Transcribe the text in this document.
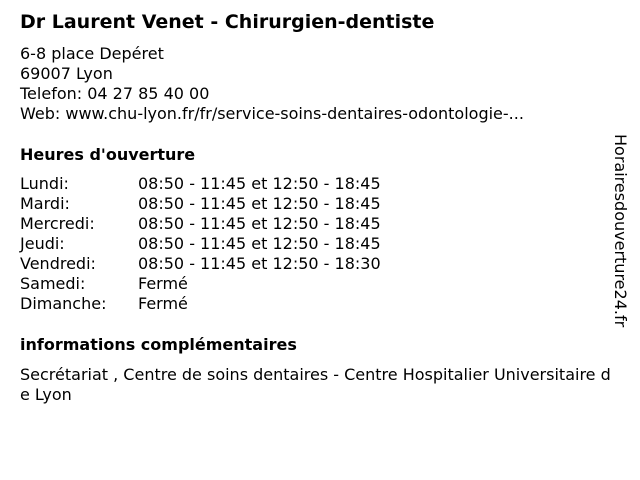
Dr Laurent Venet - Chirurgien-dentiste
6-8 place Depéret
69007 Lyon
Telefon: 04 27 85 40 00
Web: www.chu-lyon.fr/fr/service-soins-dentaires-odontologie-...
Heures d'ouverture
Lundi:	08:50 - 11:45 et 12:50 - 18:45
Mardi:	08:50 - 11:45 et 12:50 - 18:45
Mercredi:	08:50 - 11:45 et 12:50 - 18:45
Jeudi:	08:50 - 11:45 et 12:50 - 18:45
Vendredi:	08:50 - 11:45 et 12:50 - 18:30
Samedi:	Fermé
Dimanche:	Fermé
informations complémentaires
Secrétariat , Centre de soins dentaires - Centre Hospitalier Universitaire de Lyon
Horairesdouverture24.fr
